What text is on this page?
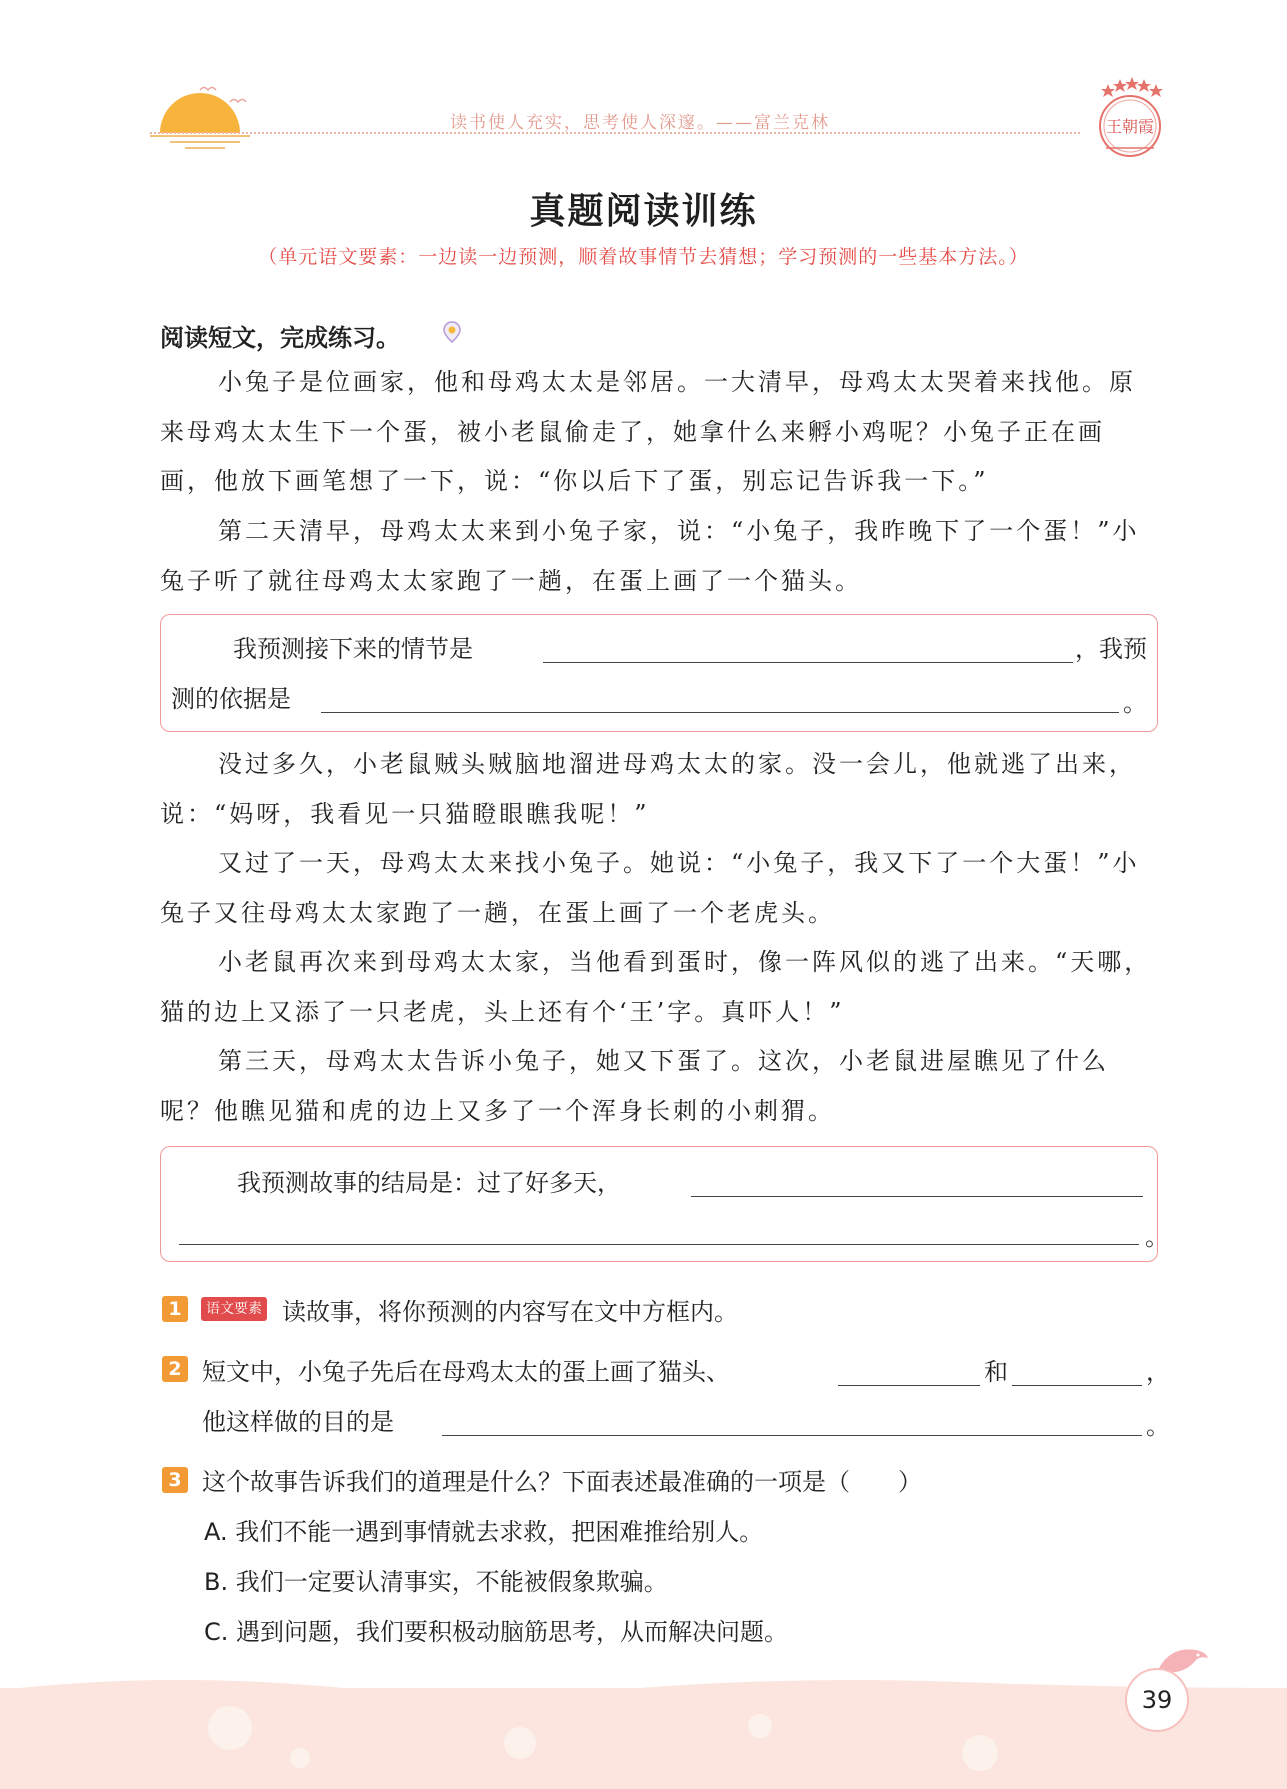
读书使人充实，思考使人深邃。——富兰克林	王朝霞
真题阅读训练
（单元语文要素：一边读一边预测，顺着故事情节去猜想；学习预测的一些基本方法。）
阅读短文，完成练习。

小兔子是位画家，他和母鸡太太是邻居。一大清早，母鸡太太哭着来找他。原来母鸡太太生下一个蛋，被小老鼠偷走了，她拿什么来孵小鸡呢？小兔子正在画画，他放下画笔想了一下，说：“你以后下了蛋，别忘记告诉我一下。”

第二天清早，母鸡太太来到小兔子家，说：“小兔子，我昨晚下了一个蛋！”小兔子听了就往母鸡太太家跑了一趟，在蛋上画了一个猫头。

我预测接下来的情节是	，我预
测的依据是	。

没过多久，小老鼠贼头贼脑地溜进母鸡太太的家。没一会儿，他就逃了出来，说：“妈呀，我看见一只猫瞪眼瞧我呢！”

又过了一天，母鸡太太来找小兔子。她说：“小兔子，我又下了一个大蛋！”小兔子又往母鸡太太家跑了一趟，在蛋上画了一个老虎头。

小老鼠再次来到母鸡太太家，当他看到蛋时，像一阵风似的逃了出来。“天哪，猫的边上又添了一只老虎，头上还有个‘王’字。真吓人！”

第三天，母鸡太太告诉小兔子，她又下蛋了。这次，小老鼠进屋瞧见了什么呢？他瞧见猫和虎的边上又多了一个浑身长刺的小刺猬。

我预测故事的结局是：过了好多天，
。
1	语文要素 读故事，将你预测的内容写在文中方框内。
2 短文中，小兔子先后在母鸡太太的蛋上画了猫头、	和	，
他这样做的目的是	。
3 这个故事告诉我们的道理是什么？下面表述最准确的一项是（　　）
A. 我们不能一遇到事情就去求救，把困难推给别人。
B. 我们一定要认清事实，不能被假象欺骗。
C. 遇到问题，我们要积极动脑筋思考，从而解决问题。
39
